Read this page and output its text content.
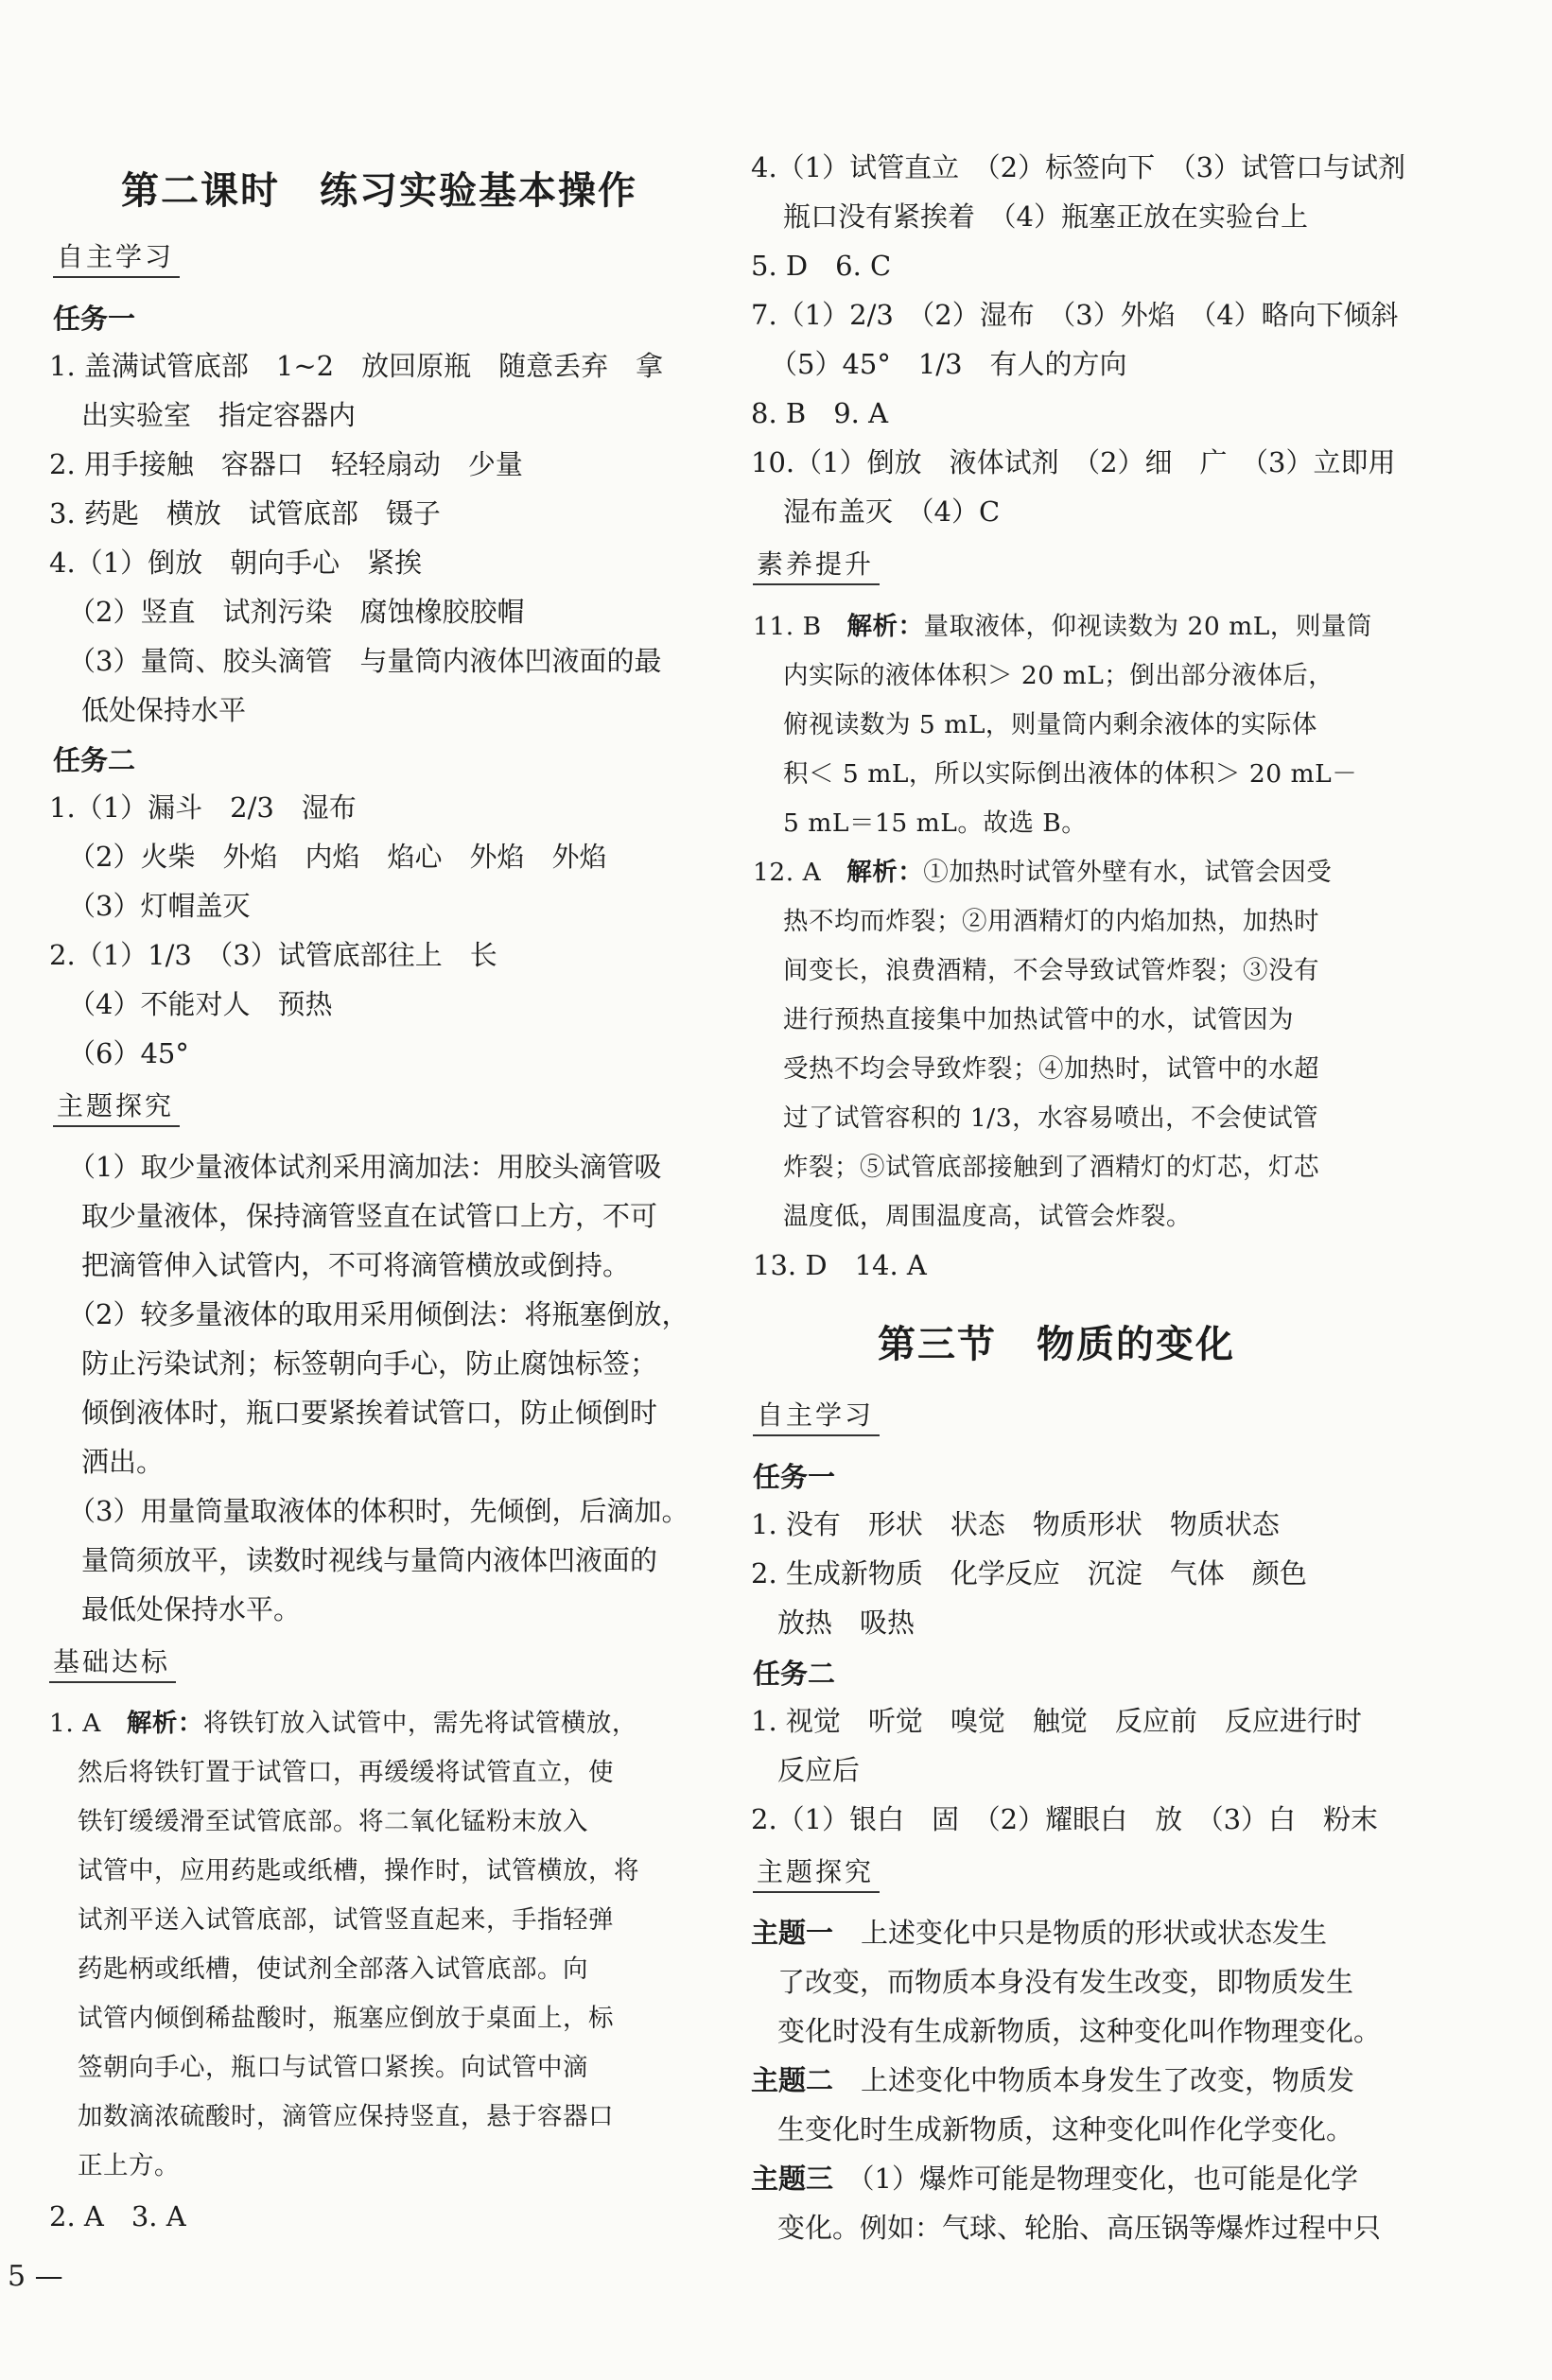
第二课时　练习实验基本操作
自主学习
任务一
1. 盖满试管底部　1~2　放回原瓶　随意丢弃　拿
出实验室　指定容器内
2. 用手接触　容器口　轻轻扇动　少量
3. 药匙　横放　试管底部　镊子
4.（1）倒放　朝向手心　紧挨
（2）竖直　试剂污染　腐蚀橡胶胶帽
（3）量筒、胶头滴管　与量筒内液体凹液面的最
低处保持水平
任务二
1.（1）漏斗　2/3　湿布
（2）火柴　外焰　内焰　焰心　外焰　外焰
（3）灯帽盖灭
2.（1）1/3　（3）试管底部往上　长
（4）不能对人　预热
（6）45°
主题探究
（1）取少量液体试剂采用滴加法：用胶头滴管吸
取少量液体，保持滴管竖直在试管口上方，不可
把滴管伸入试管内，不可将滴管横放或倒持。
（2）较多量液体的取用采用倾倒法：将瓶塞倒放，
防止污染试剂；标签朝向手心，防止腐蚀标签；
倾倒液体时，瓶口要紧挨着试管口，防止倾倒时
洒出。
（3）用量筒量取液体的体积时，先倾倒，后滴加。
量筒须放平，读数时视线与量筒内液体凹液面的
最低处保持水平。
基础达标
1. A　解析：将铁钉放入试管中，需先将试管横放，
然后将铁钉置于试管口，再缓缓将试管直立，使
铁钉缓缓滑至试管底部。将二氧化锰粉末放入
试管中，应用药匙或纸槽，操作时，试管横放，将
试剂平送入试管底部，试管竖直起来，手指轻弹
药匙柄或纸槽，使试剂全部落入试管底部。向
试管内倾倒稀盐酸时，瓶塞应倒放于桌面上，标
签朝向手心，瓶口与试管口紧挨。向试管中滴
加数滴浓硫酸时，滴管应保持竖直，悬于容器口
正上方。
2. A　3. A
4.（1）试管直立　（2）标签向下　（3）试管口与试剂
瓶口没有紧挨着　（4）瓶塞正放在实验台上
5. D　6. C
7.（1）2/3　（2）湿布　（3）外焰　（4）略向下倾斜
（5）45°　1/3　有人的方向
8. B　9. A
10.（1）倒放　液体试剂　（2）细　广　（3）立即用
湿布盖灭　（4）C
素养提升
11. B　解析：量取液体，仰视读数为 20 mL，则量筒
内实际的液体体积＞ 20 mL；倒出部分液体后，
俯视读数为 5 mL，则量筒内剩余液体的实际体
积＜ 5 mL，所以实际倒出液体的体积＞ 20 mL－
5 mL＝15 mL。故选 B。
12. A　解析：①加热时试管外壁有水，试管会因受
热不均而炸裂；②用酒精灯的内焰加热，加热时
间变长，浪费酒精，不会导致试管炸裂；③没有
进行预热直接集中加热试管中的水，试管因为
受热不均会导致炸裂；④加热时，试管中的水超
过了试管容积的 1/3，水容易喷出，不会使试管
炸裂；⑤试管底部接触到了酒精灯的灯芯，灯芯
温度低，周围温度高，试管会炸裂。
13. D　14. A
第三节　物质的变化
自主学习
任务一
1. 没有　形状　状态　物质形状　物质状态
2. 生成新物质　化学反应　沉淀　气体　颜色
放热　吸热
任务二
1. 视觉　听觉　嗅觉　触觉　反应前　反应进行时
反应后
2.（1）银白　固　（2）耀眼白　放　（3）白　粉末
主题探究
主题一　上述变化中只是物质的形状或状态发生
了改变，而物质本身没有发生改变，即物质发生
变化时没有生成新物质，这种变化叫作物理变化。
主题二　上述变化中物质本身发生了改变，物质发
生变化时生成新物质，这种变化叫作化学变化。
主题三　（1）爆炸可能是物理变化，也可能是化学
变化。例如：气球、轮胎、高压锅等爆炸过程中只
5 —
